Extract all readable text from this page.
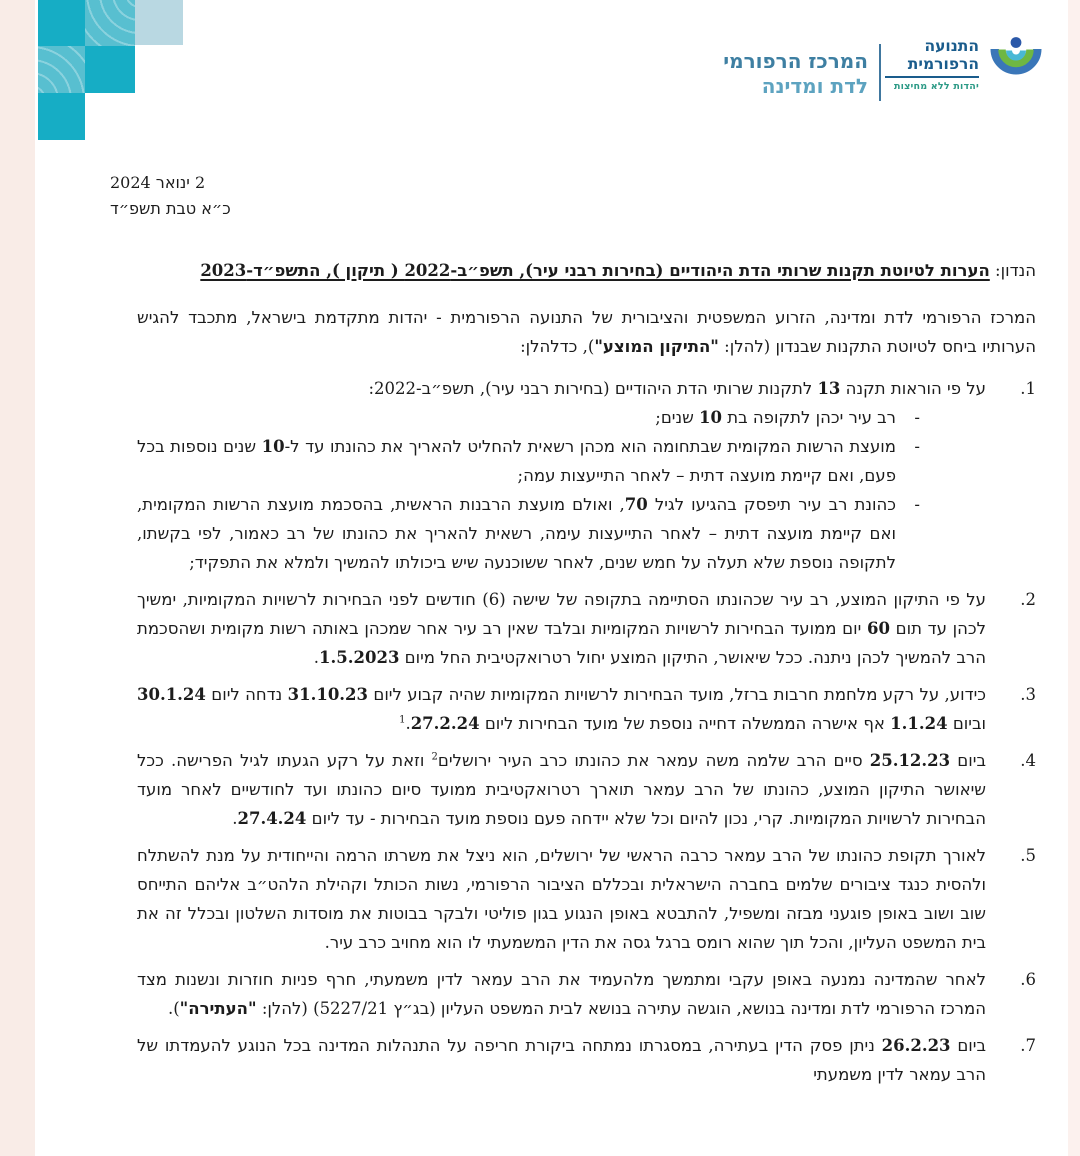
התנועה
הרפורמית
יהדות ללא מחיצות
המרכז הרפורמי
לדת ומדינה
2 ינואר 2024
כ״א טבת תשפ״ד
הנדון: הערות לטיוטת תקנות שרותי הדת היהודיים (בחירות רבני עיר), תשפ״ב-2022 ( תיקון ), התשפ״ד-2023
המרכז הרפורמי לדת ומדינה, הזרוע המשפטית והציבורית של התנועה הרפורמית - יהדות מתקדמת בישראל, מתכבד להגיש הערותיו ביחס לטיוטת התקנות שבנדון (להלן: "התיקון המוצע"), כדלהלן:
1.
על פי הוראות תקנה 13 לתקנות שרותי הדת היהודיים (בחירות רבני עיר), תשפ״ב-2022:
-
רב עיר יכהן לתקופה בת 10 שנים;
-
מועצת הרשות המקומית שבתחומה הוא מכהן רשאית להחליט להאריך את כהונתו עד ל-10 שנים נוספות בכל פעם, ואם קיימת מועצה דתית – לאחר התייעצות עמה;
-
כהונת רב עיר תיפסק בהגיעו לגיל 70, ואולם מועצת הרבנות הראשית, בהסכמת מועצת הרשות המקומית, ואם קיימת מועצה דתית – לאחר התייעצות עימה, רשאית להאריך את כהונתו של רב כאמור, לפי בקשתו, לתקופה נוספת שלא תעלה על חמש שנים, לאחר ששוכנעה שיש ביכולתו להמשיך ולמלא את התפקיד;
2.
על פי התיקון המוצע, רב עיר שכהונתו הסתיימה בתקופה של שישה (6) חודשים לפני הבחירות לרשויות המקומיות, ימשיך לכהן עד תום 60 יום ממועד הבחירות לרשויות המקומיות ובלבד שאין רב עיר אחר שמכהן באותה רשות מקומית ושהסכמת הרב להמשיך לכהן ניתנה. ככל שיאושר, התיקון המוצע יחול רטרואקטיבית החל מיום 1.5.2023.
3.
כידוע, על רקע מלחמת חרבות ברזל, מועד הבחירות לרשויות המקומיות שהיה קבוע ליום 31.10.23 נדחה ליום 30.1.24 וביום 1.1.24 אף אישרה הממשלה דחייה נוספת של מועד הבחירות ליום 27.2.24.‏$^1$
4.
ביום 25.12.23 סיים הרב שלמה משה עמאר את כהונתו כרב העיר ירושלים$^2$ וזאת על רקע הגעתו לגיל הפרישה. ככל שיאושר התיקון המוצע, כהונתו של הרב עמאר תוארך רטרואקטיבית ממועד סיום כהונתו ועד לחודשיים לאחר מועד הבחירות לרשויות המקומיות. קרי, נכון להיום וכל שלא יידחה פעם נוספת מועד הבחירות - עד ליום 27.4.24.
5.
לאורך תקופת כהונתו של הרב עמאר כרבה הראשי של ירושלים, הוא ניצל את משרתו הרמה והייחודית על מנת להשתלח ולהסית כנגד ציבורים שלמים בחברה הישראלית ובכללם הציבור הרפורמי, נשות הכותל וקהילת הלהט״ב אליהם התייחס שוב ושוב באופן פוגעני מבזה ומשפיל, להתבטא באופן הנגוע בגון פוליטי ולבקר בבוטות את מוסדות השלטון ובכלל זה את בית המשפט העליון, והכל תוך שהוא רומס ברגל גסה את הדין המשמעתי לו הוא מחויב כרב עיר.
6.
לאחר שהמדינה נמנעה באופן עקבי ומתמשך מלהעמיד את הרב עמאר לדין משמעתי, חרף פניות חוזרות ונשנות מצד המרכז הרפורמי לדת ומדינה בנושא, הוגשה עתירה בנושא לבית המשפט העליון (בג״ץ 5227/21) (להלן: "העתירה").
7.
ביום 26.2.23 ניתן פסק הדין בעתירה, במסגרתו נמתחה ביקורת חריפה על התנהלות המדינה בכל הנוגע להעמדתו של הרב עמאר לדין משמעתי
